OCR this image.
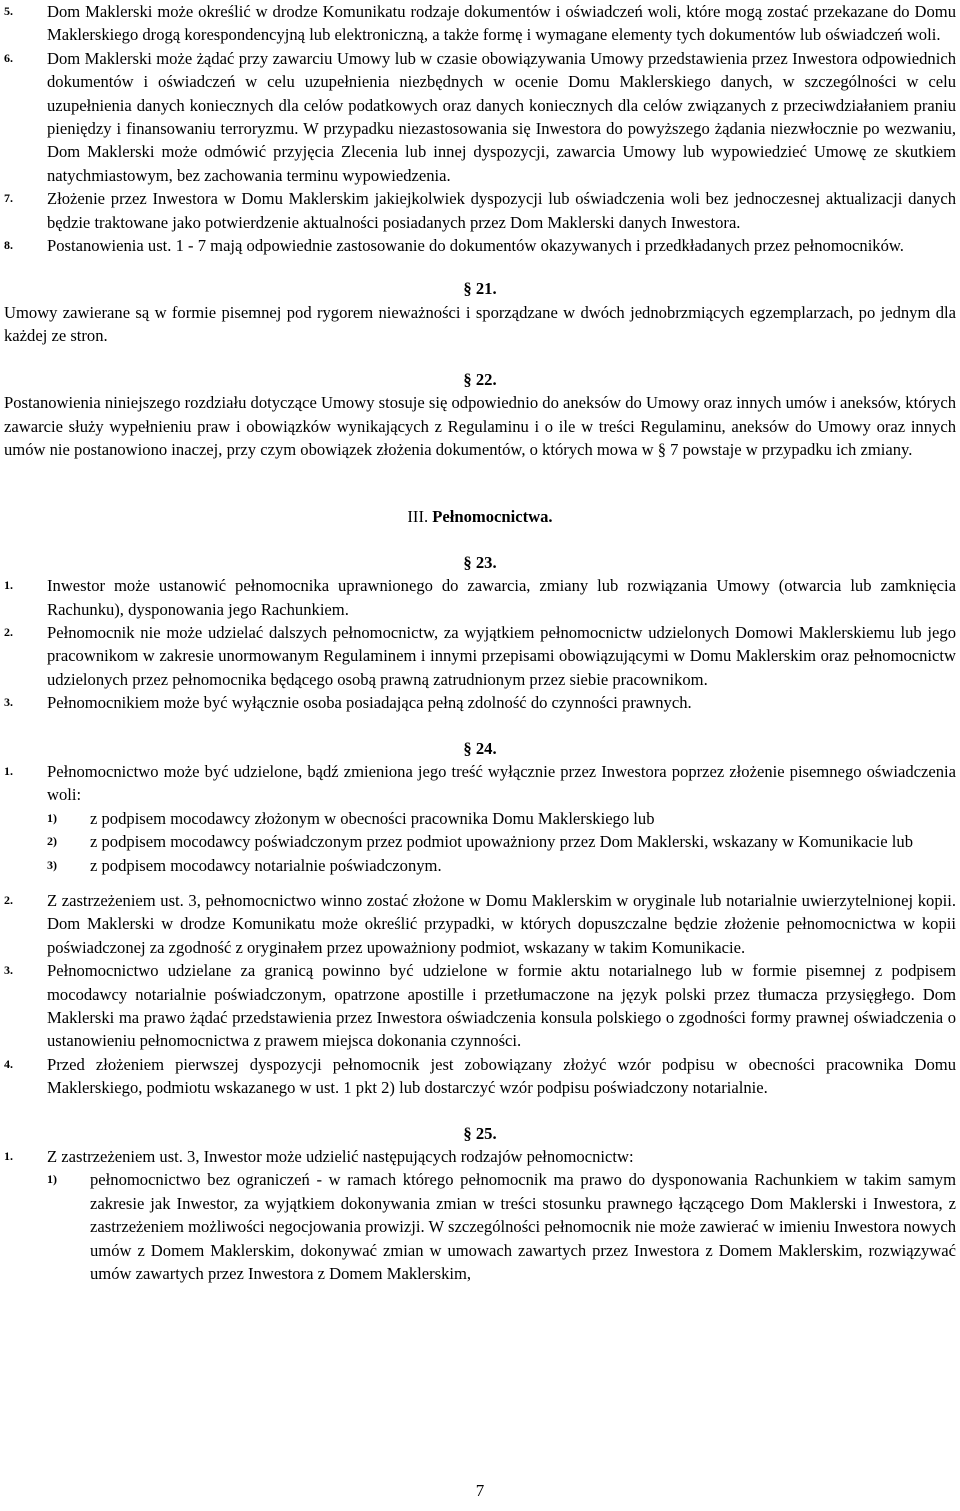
5. Dom Maklerski może określić w drodze Komunikatu rodzaje dokumentów i oświadczeń woli, które mogą zostać przekazane do Domu Maklerskiego drogą korespondencyjną lub elektroniczną, a także formę i wymagane elementy tych dokumentów lub oświadczeń woli.
6. Dom Maklerski może żądać przy zawarciu Umowy lub w czasie obowiązywania Umowy przedstawienia przez Inwestora odpowiednich dokumentów i oświadczeń w celu uzupełnienia niezbędnych w ocenie Domu Maklerskiego danych, w szczególności w celu uzupełnienia danych koniecznych dla celów podatkowych oraz danych koniecznych dla celów związanych z przeciwdziałaniem praniu pieniędzy i finansowaniu terroryzmu. W przypadku niezastosowania się Inwestora do powyższego żądania niezwłocznie po wezwaniu, Dom Maklerski może odmówić przyjęcia Zlecenia lub innej dyspozycji, zawarcia Umowy lub wypowiedzieć Umowę ze skutkiem natychmiastowym, bez zachowania terminu wypowiedzenia.
7. Złożenie przez Inwestora w Domu Maklerskim jakiejkolwiek dyspozycji lub oświadczenia woli bez jednoczesnej aktualizacji danych będzie traktowane jako potwierdzenie aktualności posiadanych przez Dom Maklerski danych Inwestora.
8. Postanowienia ust. 1 - 7 mają odpowiednie zastosowanie do dokumentów okazywanych i przedkładanych przez pełnomocników.
§ 21.

Umowy zawierane są w formie pisemnej pod rygorem nieważności i sporządzane w dwóch jednobrzmiących egzemplarzach, po jednym dla każdej ze stron.

§ 22.

Postanowienia niniejszego rozdziału dotyczące Umowy stosuje się odpowiednio do aneksów do Umowy oraz innych umów i aneksów, których zawarcie służy wypełnieniu praw i obowiązków wynikających z Regulaminu i o ile w treści Regulaminu, aneksów do Umowy oraz innych umów nie postanowiono inaczej, przy czym obowiązek złożenia dokumentów, o których mowa w § 7 powstaje w przypadku ich zmiany.

III. Pełnomocnictwa.
§ 23.
1. Inwestor może ustanowić pełnomocnika uprawnionego do zawarcia, zmiany lub rozwiązania Umowy (otwarcia lub zamknięcia Rachunku), dysponowania jego Rachunkiem.
2. Pełnomocnik nie może udzielać dalszych pełnomocnictw, za wyjątkiem pełnomocnictw udzielonych Domowi Maklerskiemu lub jego pracownikom w zakresie unormowanym Regulaminem i innymi przepisami obowiązującymi w Domu Maklerskim oraz pełnomocnictw udzielonych przez pełnomocnika będącego osobą prawną zatrudnionym przez siebie pracownikom.
3. Pełnomocnikiem może być wyłącznie osoba posiadająca pełną zdolność do czynności prawnych.
§ 24.
1. Pełnomocnictwo może być udzielone, bądź zmieniona jego treść wyłącznie przez Inwestora poprzez złożenie pisemnego oświadczenia woli:
1) z podpisem mocodawcy złożonym w obecności pracownika Domu Maklerskiego lub
2) z podpisem mocodawcy poświadczonym przez podmiot upoważniony przez Dom Maklerski, wskazany w Komunikacie lub
3) z podpisem mocodawcy notarialnie poświadczonym.
2. Z zastrzeżeniem ust. 3, pełnomocnictwo winno zostać złożone w Domu Maklerskim w oryginale lub notarialnie uwierzytelnionej kopii. Dom Maklerski w drodze Komunikatu może określić przypadki, w których dopuszczalne będzie złożenie pełnomocnictwa w kopii poświadczonej za zgodność z oryginałem przez upoważniony podmiot, wskazany w takim Komunikacie.
3. Pełnomocnictwo udzielane za granicą powinno być udzielone w formie aktu notarialnego lub w formie pisemnej z podpisem mocodawcy notarialnie poświadczonym, opatrzone apostille i przetłumaczone na język polski przez tłumacza przysięgłego. Dom Maklerski ma prawo żądać przedstawienia przez Inwestora oświadczenia konsula polskiego o zgodności formy prawnej oświadczenia o ustanowieniu pełnomocnictwa z prawem miejsca dokonania czynności.
4. Przed złożeniem pierwszej dyspozycji pełnomocnik jest zobowiązany złożyć wzór podpisu w obecności pracownika Domu Maklerskiego, podmiotu wskazanego w ust. 1 pkt 2) lub dostarczyć wzór podpisu poświadczony notarialnie.
§ 25.
1. Z zastrzeżeniem ust. 3, Inwestor może udzielić następujących rodzajów pełnomocnictw:
1) pełnomocnictwo bez ograniczeń - w ramach którego pełnomocnik ma prawo do dysponowania Rachunkiem w takim samym zakresie jak Inwestor, za wyjątkiem dokonywania zmian w treści stosunku prawnego łączącego Dom Maklerski i Inwestora, z zastrzeżeniem możliwości negocjowania prowizji. W szczególności pełnomocnik nie może zawierać w imieniu Inwestora nowych umów z Domem Maklerskim, dokonywać zmian w umowach zawartych przez Inwestora z Domem Maklerskim, rozwiązywać umów zawartych przez Inwestora z Domem Maklerskim,
7
